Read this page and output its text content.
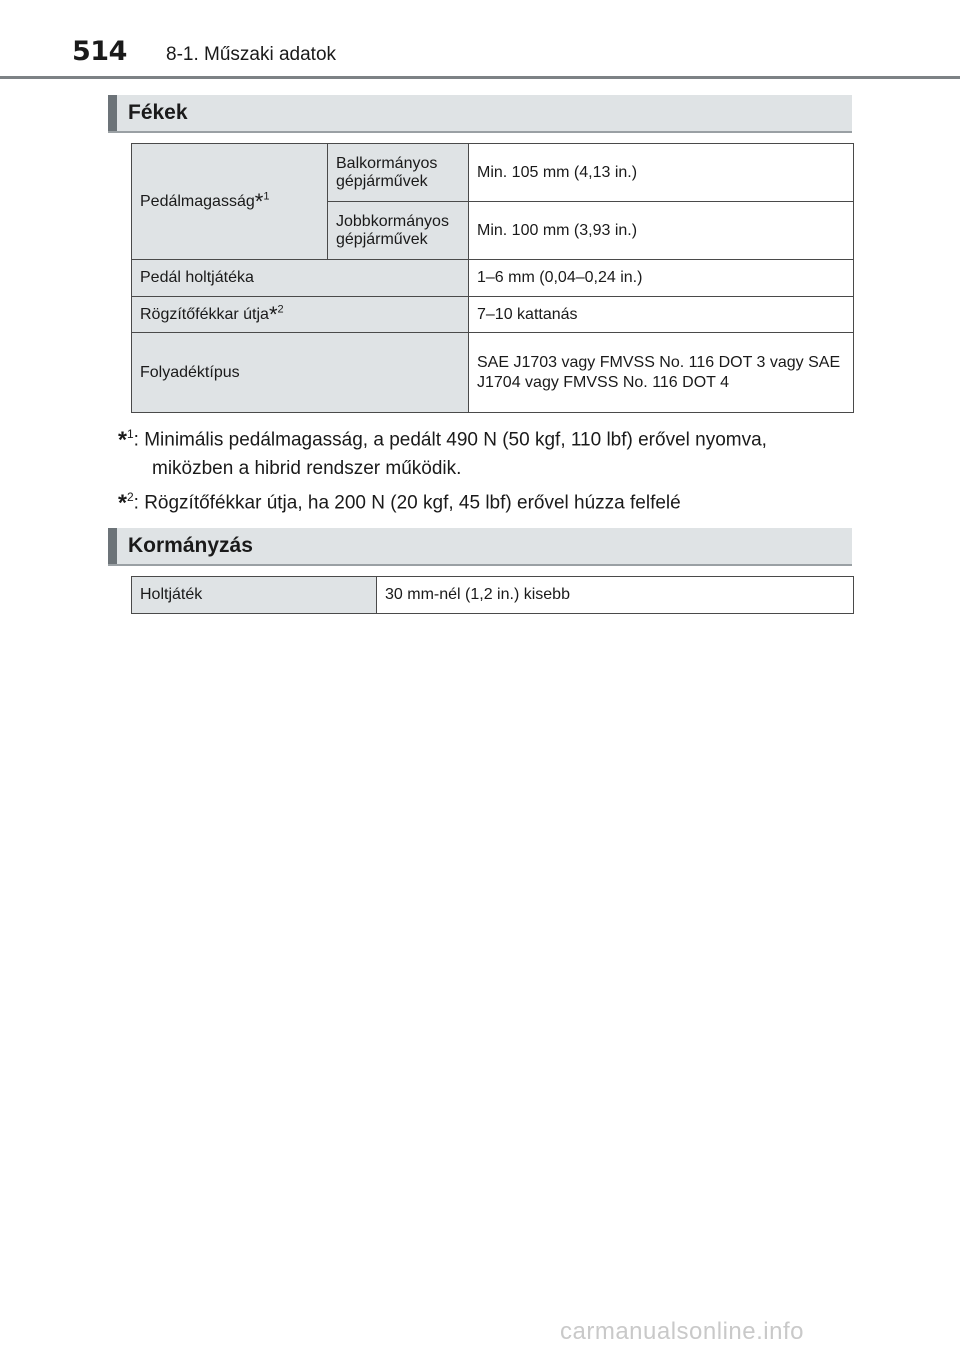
514 8-1. Műszaki adatok
Fékek
Pedálmagasság*$^1$	Balkormányos gépjárművek	Min. 105 mm (4,13 in.)
	Jobbkormányos gépjárművek	Min. 100 mm (3,93 in.)
Pedál holtjátéka		1–6 mm (0,04–0,24 in.)
Rögzítőfékkar útja*$^2$		7–10 kattanás
Folyadéktípus		SAE J1703 vagy FMVSS No. 116 DOT 3 vagy SAE J1704 vagy FMVSS No. 116 DOT 4
*$^1$: Minimális pedálmagasság, a pedált 490 N (50 kgf, 110 lbf) erővel nyomva,
miközben a hibrid rendszer működik.
*$^2$: Rögzítőfékkar útja, ha 200 N (20 kgf, 45 lbf) erővel húzza felfelé
Kormányzás
Holtjáték	30 mm-nél (1,2 in.) kisebb
carmanualsonline.info
